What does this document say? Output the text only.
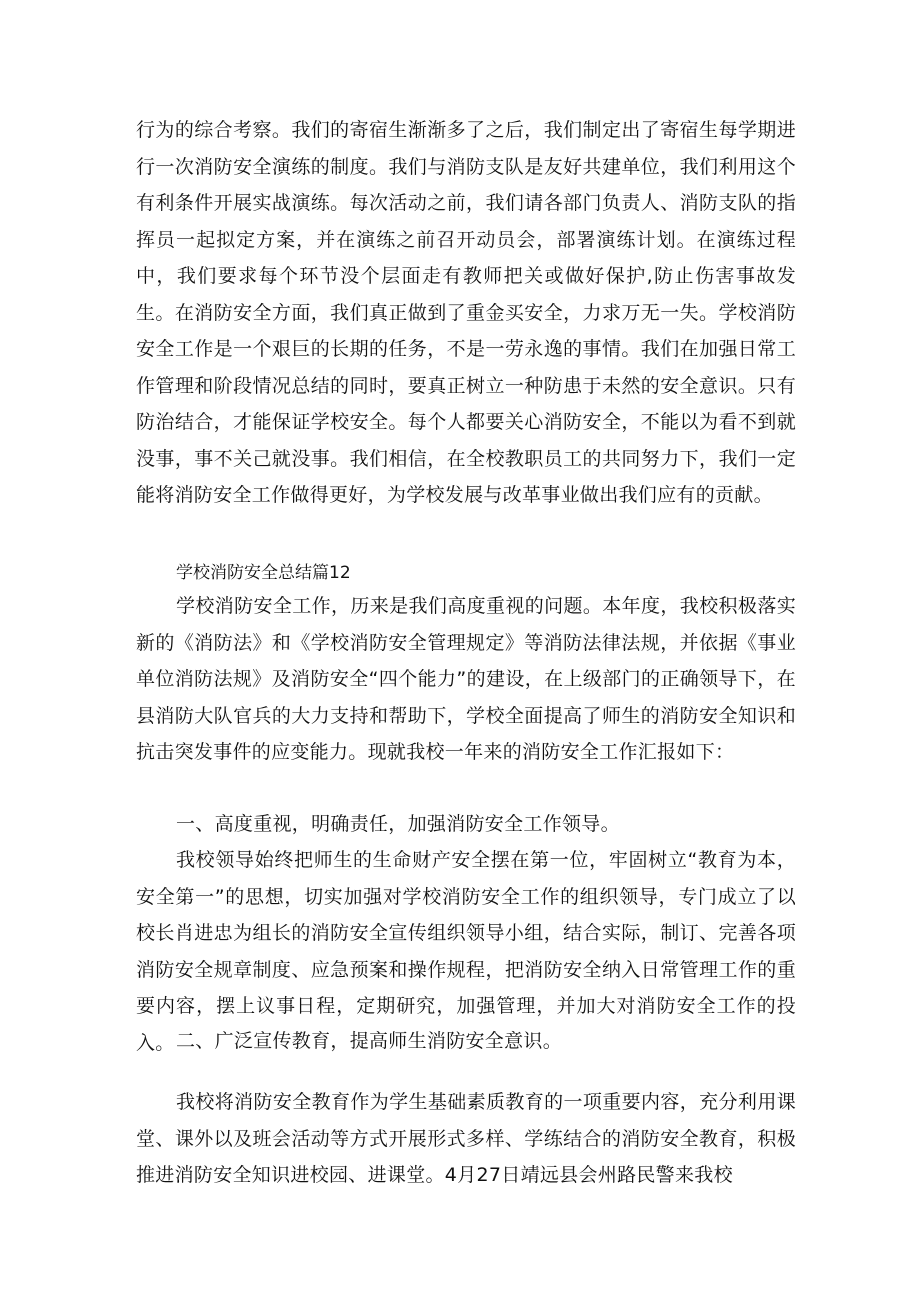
行为的综合考察。我们的寄宿生渐渐多了之后，我们制定出了寄宿生每学期进行一次消防安全演练的制度。我们与消防支队是友好共建单位，我们利用这个有利条件开展实战演练。每次活动之前，我们请各部门负责人、消防支队的指挥员一起拟定方案，并在演练之前召开动员会，部署演练计划。在演练过程中，我们要求每个环节没个层面走有教师把关或做好保护,防止伤害事故发生。在消防安全方面，我们真正做到了重金买安全，力求万无一失。学校消防安全工作是一个艰巨的长期的任务，不是一劳永逸的事情。我们在加强日常工作管理和阶段情况总结的同时，要真正树立一种防患于未然的安全意识。只有防治结合，才能保证学校安全。每个人都要关心消防安全，不能以为看不到就没事，事不关己就没事。我们相信，在全校教职员工的共同努力下，我们一定能将消防安全工作做得更好，为学校发展与改革事业做出我们应有的贡献。

学校消防安全总结篇12

学校消防安全工作，历来是我们高度重视的问题。本年度，我校积极落实新的《消防法》和《学校消防安全管理规定》等消防法律法规，并依据《事业单位消防法规》及消防安全“四个能力”的建设，在上级部门的正确领导下，在县消防大队官兵的大力支持和帮助下，学校全面提高了师生的消防安全知识和抗击突发事件的应变能力。现就我校一年来的消防安全工作汇报如下：

一、高度重视，明确责任，加强消防安全工作领导。

我校领导始终把师生的生命财产安全摆在第一位，牢固树立“教育为本，安全第一”的思想，切实加强对学校消防安全工作的组织领导，专门成立了以校长肖进忠为组长的消防安全宣传组织领导小组，结合实际，制订、完善各项消防安全规章制度、应急预案和操作规程，把消防安全纳入日常管理工作的重要内容，摆上议事日程，定期研究，加强管理，并加大对消防安全工作的投入。 二、广泛宣传教育，提高师生消防安全意识。

我校将消防安全教育作为学生基础素质教育的一项重要内容，充分利用课堂、课外以及班会活动等方式开展形式多样、学练结合的消防安全教育，积极推进消防安全知识进校园、进课堂。4月27日靖远县会州路民警来我校
